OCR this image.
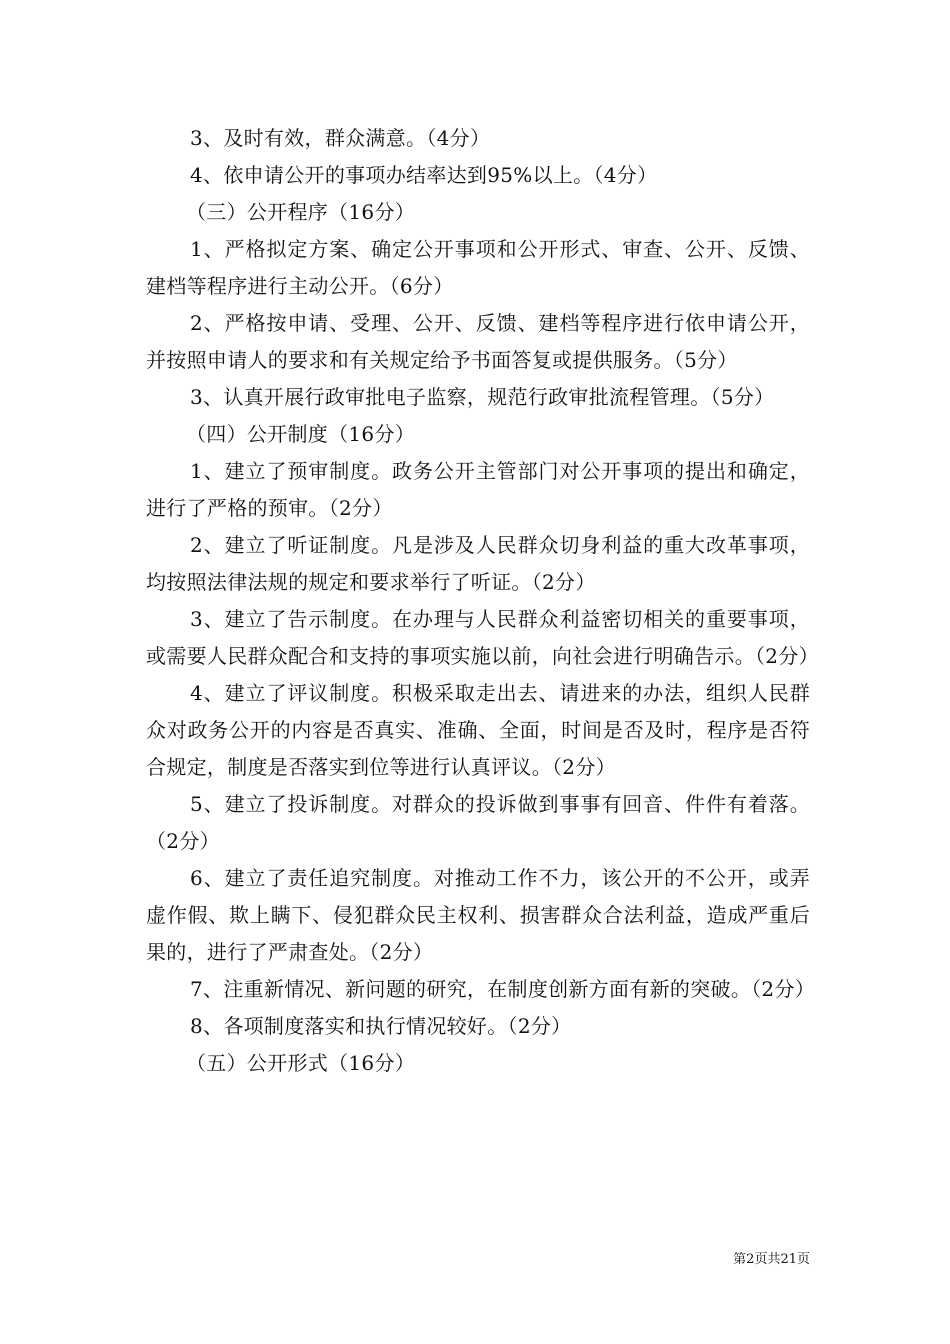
3、及时有效，群众满意。（4分）

4、依申请公开的事项办结率达到95%以上。（4分）

（三）公开程序（16分）

1、严格拟定方案、确定公开事项和公开形式、审查、公开、反馈、建档等程序进行主动公开。（6分）

2、严格按申请、受理、公开、反馈、建档等程序进行依申请公开，并按照申请人的要求和有关规定给予书面答复或提供服务。（5分）

3、认真开展行政审批电子监察，规范行政审批流程管理。（5分）

（四）公开制度（16分）

1、建立了预审制度。政务公开主管部门对公开事项的提出和确定，进行了严格的预审。（2分）

2、建立了听证制度。凡是涉及人民群众切身利益的重大改革事项，均按照法律法规的规定和要求举行了听证。（2分）

3、建立了告示制度。在办理与人民群众利益密切相关的重要事项，或需要人民群众配合和支持的事项实施以前，向社会进行明确告示。（2分）

4、建立了评议制度。积极采取走出去、请进来的办法，组织人民群众对政务公开的内容是否真实、准确、全面，时间是否及时，程序是否符合规定，制度是否落实到位等进行认真评议。（2分）

5、建立了投诉制度。对群众的投诉做到事事有回音、件件有着落。（2分）

6、建立了责任追究制度。对推动工作不力，该公开的不公开，或弄虚作假、欺上瞒下、侵犯群众民主权利、损害群众合法利益，造成严重后果的，进行了严肃查处。（2分）

7、注重新情况、新问题的研究，在制度创新方面有新的突破。（2分）

8、各项制度落实和执行情况较好。（2分）

（五）公开形式（16分）

第2页共21页
